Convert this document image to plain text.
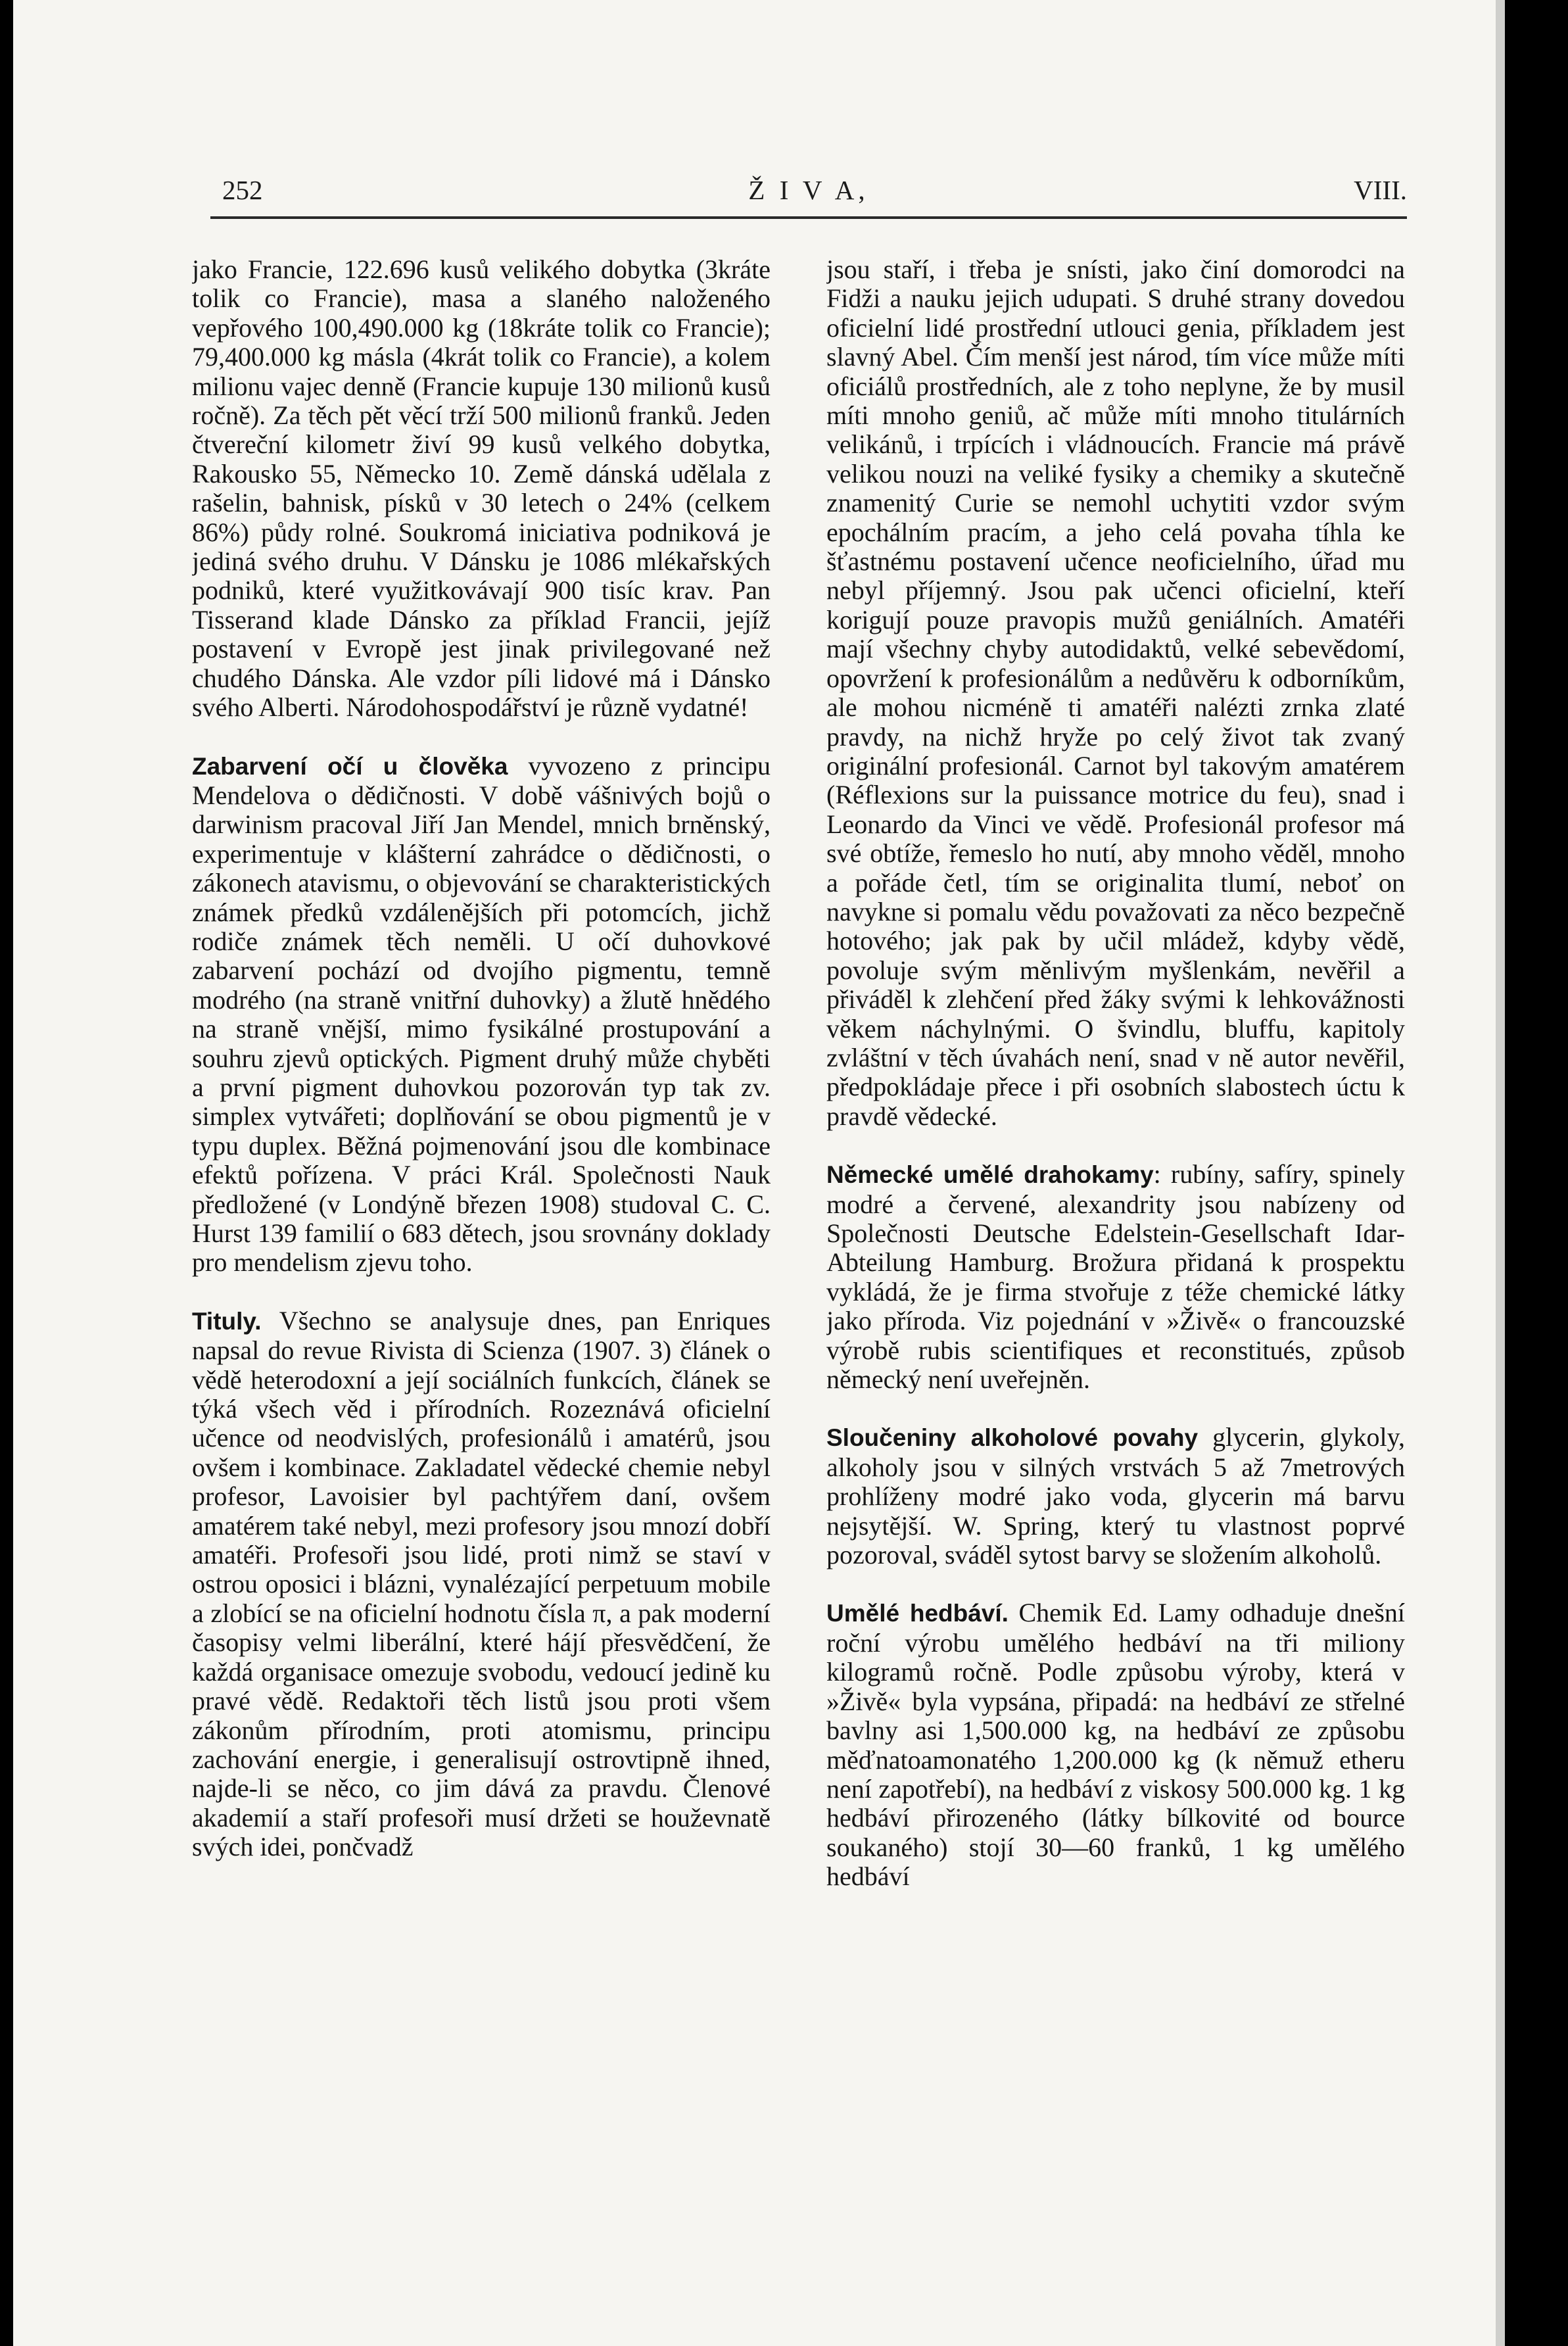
252	Ž I V A,	VIII.

jako Francie, 122.696 kusů velikého dobytka (3kráte tolik co Francie), masa a slaného naloženého vepřového 100,490.000 kg (18kráte tolik co Francie); 79,400.000 kg másla (4krát tolik co Francie), a kolem milionu vajec denně (Francie kupuje 130 milionů kusů ročně). Za těch pět věcí trží 500 milionů franků. Jeden čtvereční kilometr živí 99 kusů velkého dobytka, Rakousko 55, Německo 10. Země dánská udělala z rašelin, bahnisk, písků v 30 letech o 24% (celkem 86%) půdy rolné. Soukromá iniciativa podniková je jediná svého druhu. V Dánsku je 1086 mlékařských podniků, které využitkovávají 900 tisíc krav. Pan Tisserand klade Dánsko za příklad Francii, jejíž postavení v Evropě jest jinak privilegované než chudého Dánska. Ale vzdor píli lidové má i Dánsko svého Alberti. Národohospodářství je různě vydatné!

Zabarvení očí u člověka vyvozeno z principu Mendelova o dědičnosti. V době vášnivých bojů o darwinism pracoval Jiří Jan Mendel, mnich brněnský, experimentuje v klášterní zahrádce o dědičnosti, o zákonech atavismu, o objevování se charakteristických známek předků vzdálenějších při potomcích, jichž rodiče známek těch neměli. U očí duhovkové zabarvení pochází od dvojího pigmentu, temně modrého (na straně vnitřní duhovky) a žlutě hnědého na straně vnější, mimo fysikálné prostupování a souhru zjevů optických. Pigment druhý může chyběti a první pigment duhovkou pozorován typ tak zv. simplex vytvářeti; doplňování se obou pigmentů je v typu duplex. Běžná pojmenování jsou dle kombinace efektů pořízena. V práci Král. Společnosti Nauk předložené (v Londýně březen 1908) studoval C. C. Hurst 139 familií o 683 dětech, jsou srovnány doklady pro mendelism zjevu toho.

Tituly. Všechno se analysuje dnes, pan Enriques napsal do revue Rivista di Scienza (1907. 3) článek o vědě heterodoxní a její sociálních funkcích, článek se týká všech věd i přírodních. Rozeznává oficielní učence od neodvislých, profesionálů i amatérů, jsou ovšem i kombinace. Zakladatel vědecké chemie nebyl profesor, Lavoisier byl pachtýřem daní, ovšem amatérem také nebyl, mezi profesory jsou mnozí dobří amatéři. Profesoři jsou lidé, proti nimž se staví v ostrou oposici i blázni, vynalézající perpetuum mobile a zlobící se na oficielní hodnotu čísla π, a pak moderní časopisy velmi liberální, které hájí přesvědčení, že každá organisace omezuje svobodu, vedoucí jedině ku pravé vědě. Redaktoři těch listů jsou proti všem zákonům přírodním, proti atomismu, principu zachování energie, i generalisují ostrovtipně ihned, najde-li se něco, co jim dává za pravdu. Členové akademií a staří profesoři musí držeti se houževnatě svých idei, pončvadž

jsou staří, i třeba je snísti, jako činí domorodci na Fidži a nauku jejich udupati. S druhé strany dovedou oficielní lidé prostřední utlouci genia, příkladem jest slavný Abel. Čím menší jest národ, tím více může míti oficiálů prostředních, ale z toho neplyne, že by musil míti mnoho geniů, ač může míti mnoho titulárních velikánů, i trpících i vládnoucích. Francie má právě velikou nouzi na veliké fysiky a chemiky a skutečně znamenitý Curie se nemohl uchytiti vzdor svým epochálním pracím, a jeho celá povaha tíhla ke šťastnému postavení učence neoficielního, úřad mu nebyl příjemný. Jsou pak učenci oficielní, kteří korigují pouze pravopis mužů geniálních. Amatéři mají všechny chyby autodidaktů, velké sebevědomí, opovržení k profesionálům a nedůvěru k odborníkům, ale mohou nicméně ti amatéři nalézti zrnka zlaté pravdy, na nichž hryže po celý život tak zvaný originální profesionál. Carnot byl takovým amatérem (Réflexions sur la puissance motrice du feu), snad i Leonardo da Vinci ve vědě. Profesionál profesor má své obtíže, řemeslo ho nutí, aby mnoho věděl, mnoho a pořáde četl, tím se originalita tlumí, neboť on navykne si pomalu vědu považovati za něco bezpečně hotového; jak pak by učil mládež, kdyby vědě, povoluje svým měnlivým myšlenkám, nevěřil a přiváděl k zlehčení před žáky svými k lehkovážnosti věkem náchylnými. O švindlu, bluffu, kapitoly zvláštní v těch úvahách není, snad v ně autor nevěřil, předpokládaje přece i při osobních slabostech úctu k pravdě vědecké.

Německé umělé drahokamy: rubíny, safíry, spinely modré a červené, alexandrity jsou nabízeny od Společnosti Deutsche Edelstein-Gesellschaft Idar-Abteilung Hamburg. Brožura přidaná k prospektu vykládá, že je firma stvořuje z téže chemické látky jako příroda. Viz pojednání v »Živě« o francouzské výrobě rubis scientifiques et reconstitués, způsob německý není uveřejněn.

Sloučeniny alkoholové povahy glycerin, glykoly, alkoholy jsou v silných vrstvách 5 až 7metrových prohlíženy modré jako voda, glycerin má barvu nejsytější. W. Spring, který tu vlastnost poprvé pozoroval, sváděl sytost barvy se složením alkoholů.

Umělé hedbáví. Chemik Ed. Lamy odhaduje dnešní roční výrobu umělého hedbáví na tři miliony kilogramů ročně. Podle způsobu výroby, která v »Živě« byla vypsána, připadá: na hedbáví ze střelné bavlny asi 1,500.000 kg, na hedbáví ze způsobu měďnatoamonatého 1,200.000 kg (k němuž etheru není zapotřebí), na hedbáví z viskosy 500.000 kg. 1 kg hedbáví přirozeného (látky bílkovité od bource soukaného) stojí 30—60 franků, 1 kg umělého hedbáví
